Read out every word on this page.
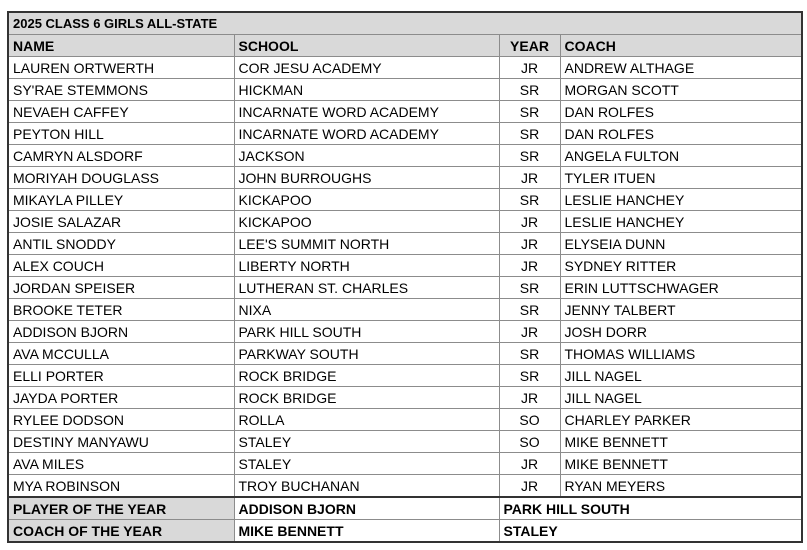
2025 CLASS 6 GIRLS ALL-STATE			
NAME	SCHOOL	YEAR	COACH
LAUREN ORTWERTH	COR JESU ACADEMY	JR	ANDREW ALTHAGE
SY'RAE STEMMONS	HICKMAN	SR	MORGAN SCOTT
NEVAEH CAFFEY	INCARNATE WORD ACADEMY	SR	DAN ROLFES
PEYTON HILL	INCARNATE WORD ACADEMY	SR	DAN ROLFES
CAMRYN ALSDORF	JACKSON	SR	ANGELA FULTON
MORIYAH DOUGLASS	JOHN BURROUGHS	JR	TYLER ITUEN
MIKAYLA PILLEY	KICKAPOO	SR	LESLIE HANCHEY
JOSIE SALAZAR	KICKAPOO	JR	LESLIE HANCHEY
ANTIL SNODDY	LEE'S SUMMIT NORTH	JR	ELYSEIA DUNN
ALEX COUCH	LIBERTY NORTH	JR	SYDNEY RITTER
JORDAN SPEISER	LUTHERAN ST. CHARLES	SR	ERIN LUTTSCHWAGER
BROOKE TETER	NIXA	SR	JENNY TALBERT
ADDISON BJORN	PARK HILL SOUTH	JR	JOSH DORR
AVA MCCULLA	PARKWAY SOUTH	SR	THOMAS WILLIAMS
ELLI PORTER	ROCK BRIDGE	SR	JILL NAGEL
JAYDA PORTER	ROCK BRIDGE	JR	JILL NAGEL
RYLEE DODSON	ROLLA	SO	CHARLEY PARKER
DESTINY MANYAWU	STALEY	SO	MIKE BENNETT
AVA MILES	STALEY	JR	MIKE BENNETT
MYA ROBINSON	TROY BUCHANAN	JR	RYAN MEYERS
PLAYER OF THE YEAR	ADDISON BJORN	PARK HILL SOUTH	
COACH OF THE YEAR	MIKE BENNETT	STALEY	
